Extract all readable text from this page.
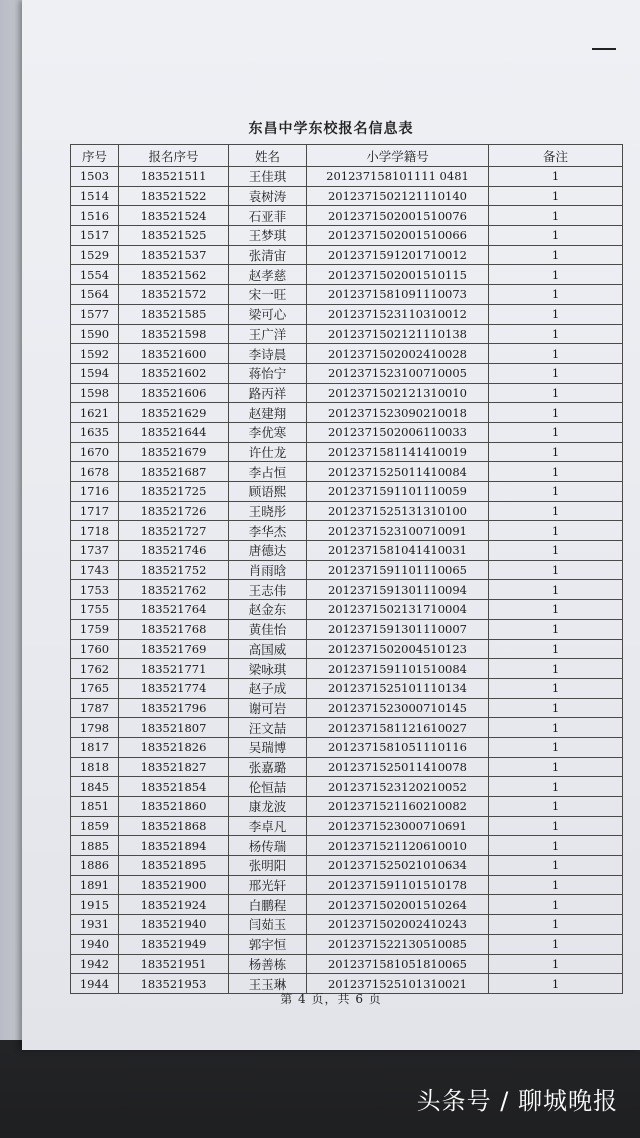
东昌中学东校报名信息表
序号	报名序号	姓名	小学学籍号	备注
1503	183521511	王佳琪	201237158101111 0481	1
1514	183521522	袁树涛	2012371502121110140	1
1516	183521524	石亚菲	2012371502001510076	1
1517	183521525	王梦琪	2012371502001510066	1
1529	183521537	张清宙	2012371591201710012	1
1554	183521562	赵孝慈	2012371502001510115	1
1564	183521572	宋一旺	2012371581091110073	1
1577	183521585	梁可心	2012371523110310012	1
1590	183521598	王广洋	2012371502121110138	1
1592	183521600	李诗晨	2012371502002410028	1
1594	183521602	蒋怡宁	2012371523100710005	1
1598	183521606	路丙祥	2012371502121310010	1
1621	183521629	赵建翔	2012371523090210018	1
1635	183521644	李优寒	2012371502006110033	1
1670	183521679	许仕龙	2012371581141410019	1
1678	183521687	李占恒	2012371525011410084	1
1716	183521725	顾语熙	2012371591101110059	1
1717	183521726	王晓彤	2012371525131310100	1
1718	183521727	李华杰	2012371523100710091	1
1737	183521746	唐德达	2012371581041410031	1
1743	183521752	肖雨晗	2012371591101110065	1
1753	183521762	王志伟	2012371591301110094	1
1755	183521764	赵金东	2012371502131710004	1
1759	183521768	黄佳怡	2012371591301110007	1
1760	183521769	高国威	2012371502004510123	1
1762	183521771	梁咏琪	2012371591101510084	1
1765	183521774	赵子成	2012371525101110134	1
1787	183521796	谢可岩	2012371523000710145	1
1798	183521807	汪文喆	2012371581121610027	1
1817	183521826	吴瑞博	2012371581051110116	1
1818	183521827	张嘉璐	2012371525011410078	1
1845	183521854	伦恒喆	2012371523120210052	1
1851	183521860	康龙波	2012371521160210082	1
1859	183521868	李卓凡	2012371523000710691	1
1885	183521894	杨传瑞	2012371521120610010	1
1886	183521895	张明阳	2012371525021010634	1
1891	183521900	邢光轩	2012371591101510178	1
1915	183521924	白鹏程	2012371502001510264	1
1931	183521940	闫茹玉	2012371502002410243	1
1940	183521949	郭宇恒	2012371522130510085	1
1942	183521951	杨善栋	2012371581051810065	1
1944	183521953	王玉琳	2012371525101310021	1
第 4 页，共 6 页
头条号 / 聊城晚报
